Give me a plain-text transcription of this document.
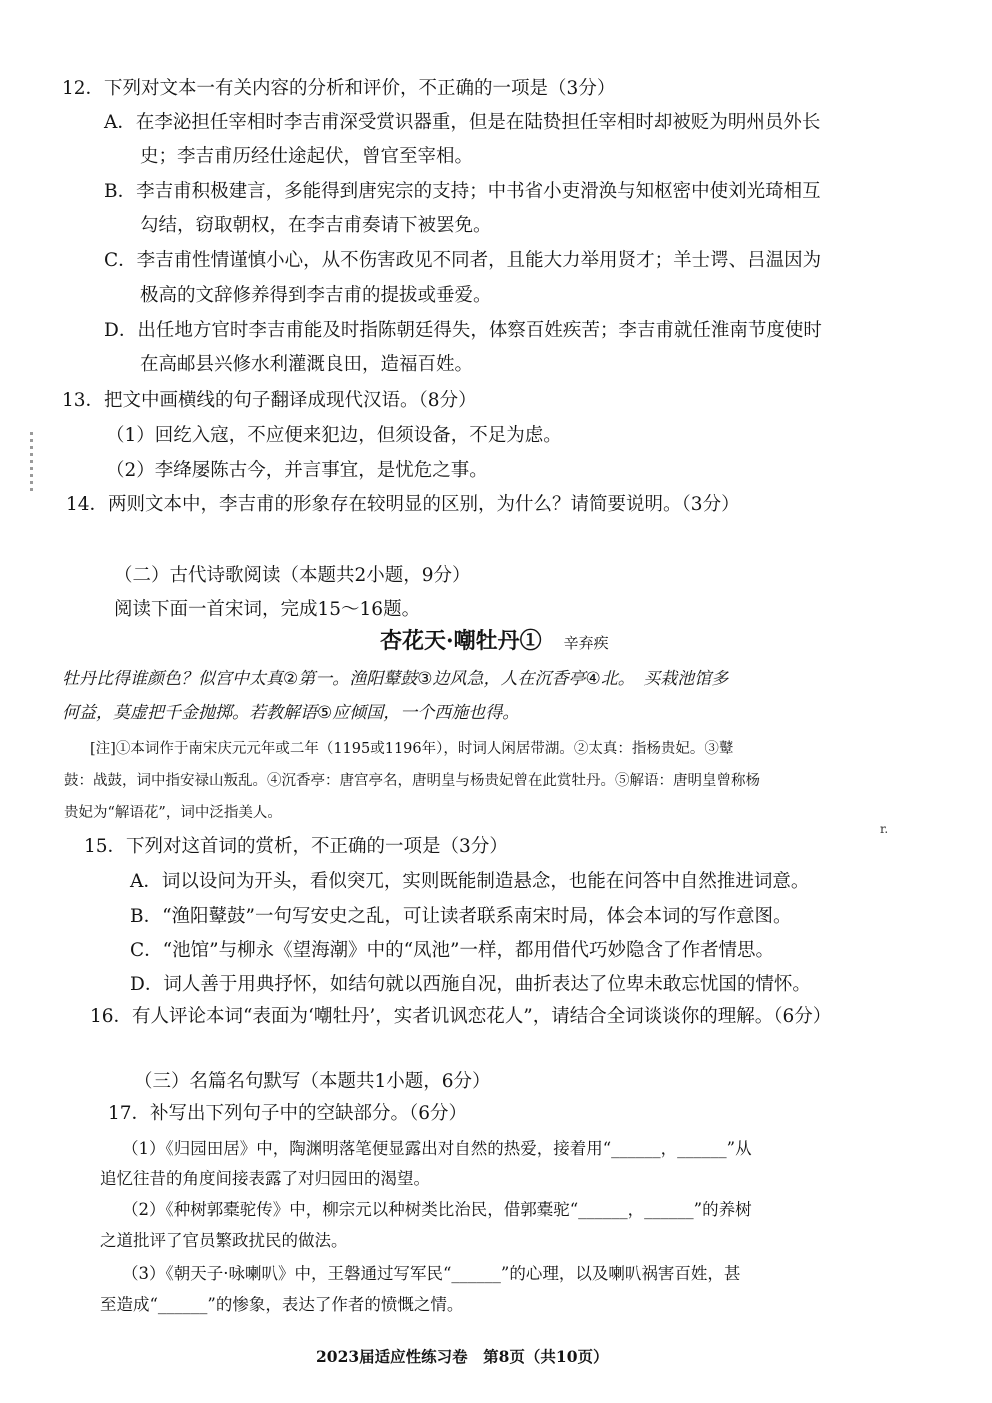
r.
12．下列对文本一有关内容的分析和评价，不正确的一项是（3分）
A．在李泌担任宰相时李吉甫深受赏识器重，但是在陆贽担任宰相时却被贬为明州员外长
史；李吉甫历经仕途起伏，曾官至宰相。
B．李吉甫积极建言，多能得到唐宪宗的支持；中书省小吏滑涣与知枢密中使刘光琦相互
勾结，窃取朝权，在李吉甫奏请下被罢免。
C．李吉甫性情谨慎小心，从不伤害政见不同者，且能大力举用贤才；羊士谔、吕温因为
极高的文辞修养得到李吉甫的提拔或垂爱。
D．出任地方官时李吉甫能及时指陈朝廷得失，体察百姓疾苦；李吉甫就任淮南节度使时
在高邮县兴修水利灌溉良田，造福百姓。
13．把文中画横线的句子翻译成现代汉语。（8分）
（1）回纥入寇，不应便来犯边，但须设备，不足为虑。
（2）李绛屡陈古今，并言事宜，是忧危之事。
14．两则文本中，李吉甫的形象存在较明显的区别，为什么？请简要说明。（3分）
（二）古代诗歌阅读（本题共2小题，9分）
阅读下面一首宋词，完成15～16题。
杏花天·嘲牡丹① 辛弃疾
牡丹比得谁颜色？似宫中太真②第一。渔阳鼙鼓③边风急，人在沉香亭④北。　买栽池馆多
何益，莫虚把千金抛掷。若教解语⑤应倾国，一个西施也得。
[注]①本词作于南宋庆元元年或二年（1195或1196年），时词人闲居带湖。②太真：指杨贵妃。③鼙
鼓：战鼓，词中指安禄山叛乱。④沉香亭：唐宫亭名，唐明皇与杨贵妃曾在此赏牡丹。⑤解语：唐明皇曾称杨
贵妃为“解语花”，词中泛指美人。
15．下列对这首词的赏析，不正确的一项是（3分）
A．词以设问为开头，看似突兀，实则既能制造悬念，也能在问答中自然推进词意。
B．“渔阳鼙鼓”一句写安史之乱，可让读者联系南宋时局，体会本词的写作意图。
C．“池馆”与柳永《望海潮》中的“凤池”一样，都用借代巧妙隐含了作者情思。
D．词人善于用典抒怀，如结句就以西施自况，曲折表达了位卑未敢忘忧国的情怀。
16．有人评论本词“表面为‘嘲牡丹’，实者讥讽恋花人”，请结合全词谈谈你的理解。（6分）
（三）名篇名句默写（本题共1小题，6分）
17．补写出下列句子中的空缺部分。（6分）
（1）《归园田居》中，陶渊明落笔便显露出对自然的热爱，接着用“______，______”从
追忆往昔的角度间接表露了对归园田的渴望。
（2）《种树郭橐驼传》中，柳宗元以种树类比治民，借郭橐驼“______，______”的养树
之道批评了官员繁政扰民的做法。
（3）《朝天子·咏喇叭》中，王磐通过写军民“______”的心理，以及喇叭祸害百姓，甚
至造成“______”的惨象，表达了作者的愤慨之情。
2023届适应性练习卷　第8页（共10页）
